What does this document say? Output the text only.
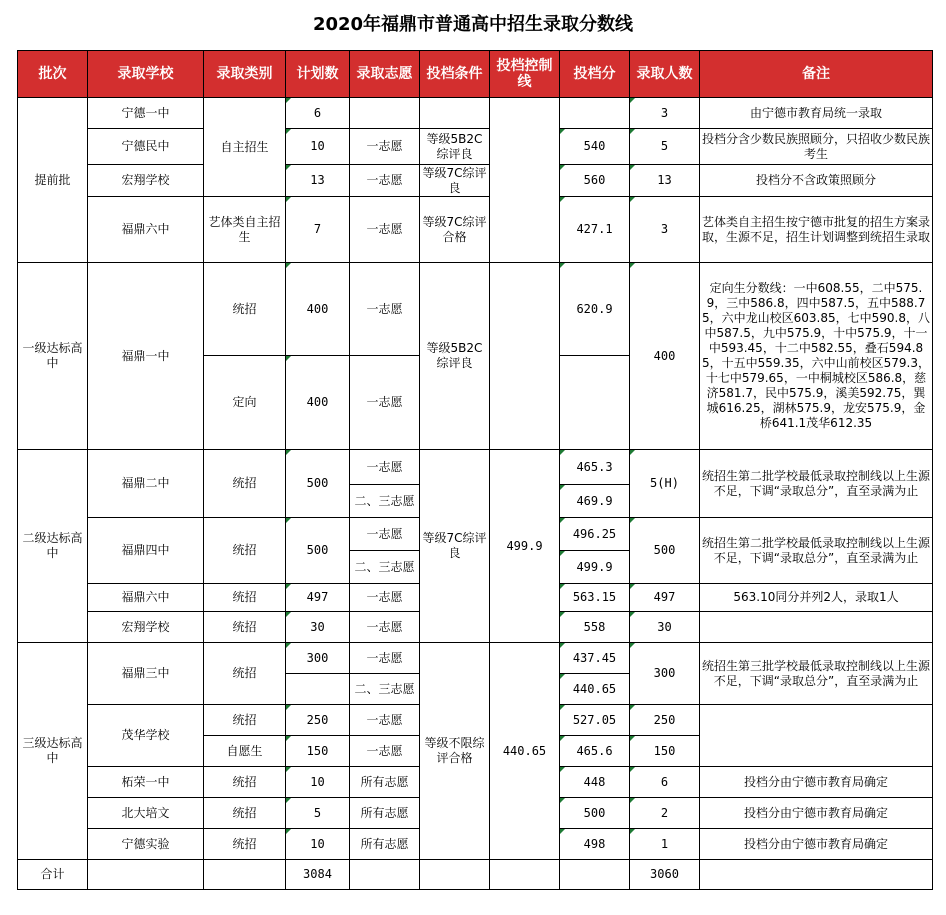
2020年福鼎市普通高中招生录取分数线
批次	录取学校	录取类别	计划数	录取志愿	投档条件	投档控制线	投档分	录取人数	备注
提前批	宁德一中	自主招生	6					3	由宁德市教育局统一录取
	宁德民中		10	一志愿	等级5B2C综评良		540	5	投档分含少数民族照顾分，只招收少数民族考生
	宏翔学校		13	一志愿	等级7C综评良		560	13	投档分不含政策照顾分
	福鼎六中	艺体类自主招生	7	一志愿	等级7C综评合格		427.1	3	艺体类自主招生按宁德市批复的招生方案录取，生源不足，招生计划调整到统招生录取
一级达标高中	福鼎一中	统招	400	一志愿	等级5B2C综评良		620.9	400	定向生分数线：一中608.55，二中575.9，三中586.8，四中587.5，五中588.75，六中龙山校区603.85，七中590.8，八中587.5，九中575.9，十中575.9，十一中593.45，十二中582.55，叠石594.85，十五中559.35，六中山前校区579.3，十七中579.65，一中桐城校区586.8，慈济581.7，民中575.9，溪美592.75，巽城616.25，湖林575.9，龙安575.9，金桥641.1茂华612.35
		定向	400	一志愿					
二级达标高中	福鼎二中	统招	500	一志愿	等级7C综评良	499.9	465.3	5(H)	统招生第二批学校最低录取控制线以上生源不足，下调“录取总分”，直至录满为止
				二、三志愿			469.9		
	福鼎四中	统招	500	一志愿			496.25	500	统招生第二批学校最低录取控制线以上生源不足，下调“录取总分”，直至录满为止
				二、三志愿			499.9		
	福鼎六中	统招	497	一志愿			563.15	497	563.10同分并列2人，录取1人
	宏翔学校	统招	30	一志愿			558	30	
三级达标高中	福鼎三中	统招	300	一志愿	等级不限综评合格	440.65	437.45	300	统招生第三批学校最低录取控制线以上生源不足，下调“录取总分”，直至录满为止
				二、三志愿			440.65		
	茂华学校	统招	250	一志愿			527.05	250	
		自愿生	150	一志愿			465.6	150	
	柘荣一中	统招	10	所有志愿			448	6	投档分由宁德市教育局确定
	北大培文	统招	5	所有志愿			500	2	投档分由宁德市教育局确定
	宁德实验	统招	10	所有志愿			498	1	投档分由宁德市教育局确定
合计			3084					3060	
